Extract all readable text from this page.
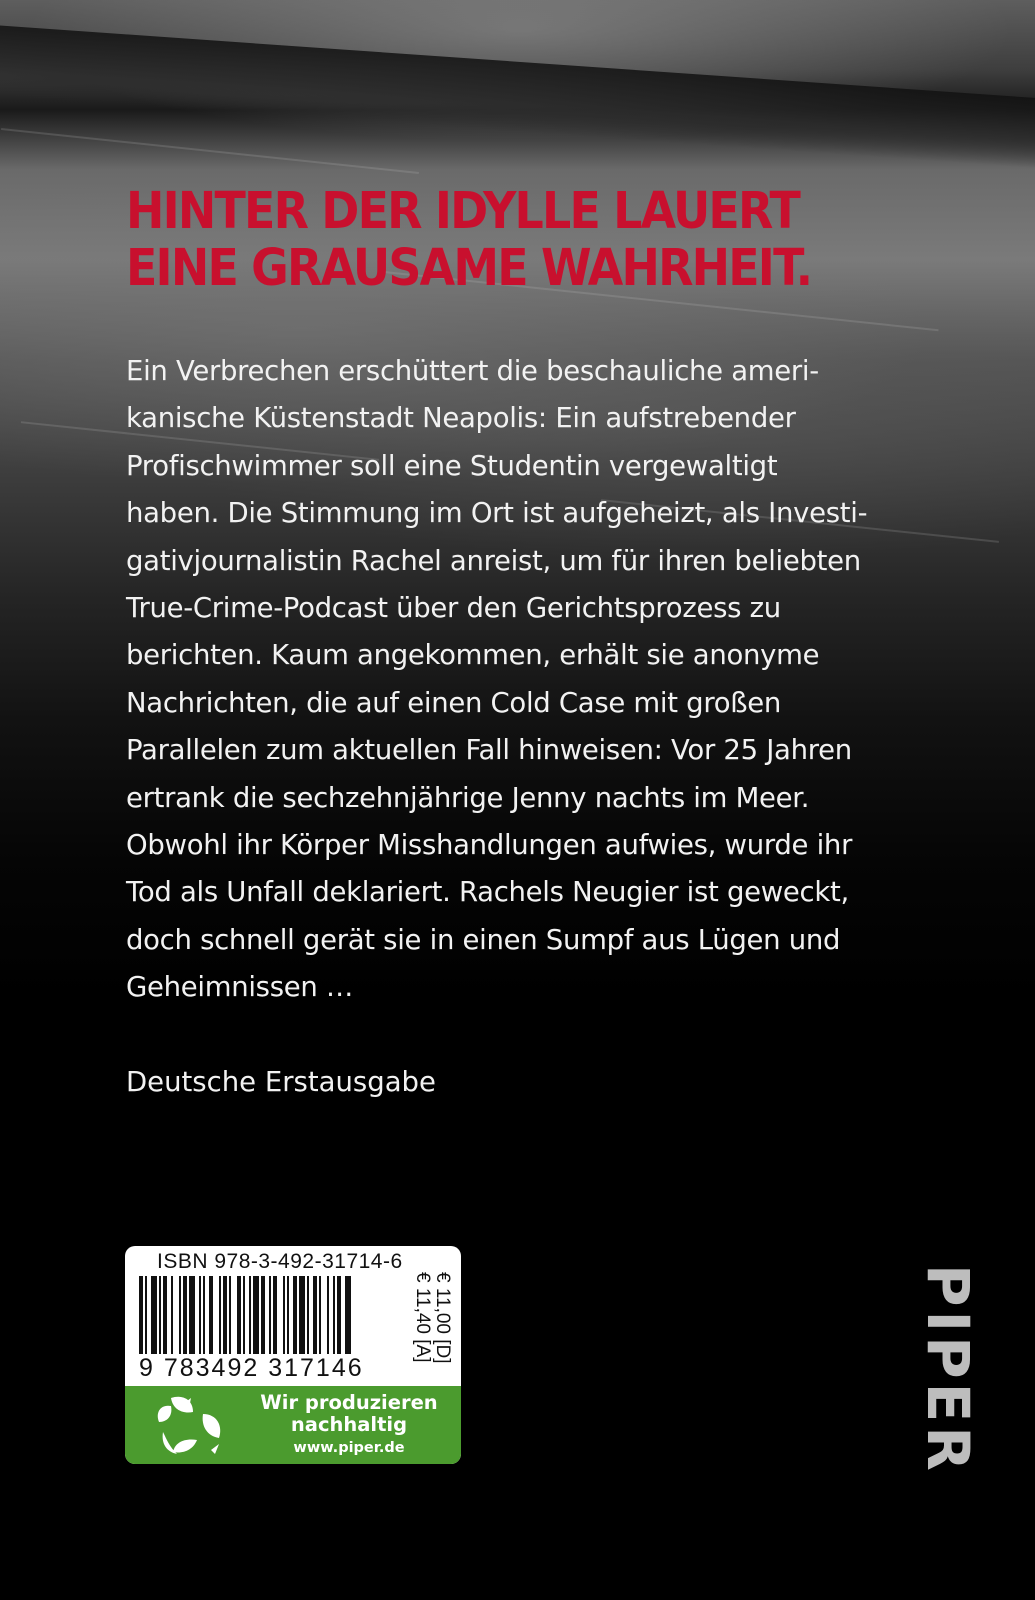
HINTER DER IDYLLE LAUERT
EINE GRAUSAME WAHRHEIT.
Ein Verbrechen erschüttert die beschauliche ameri-
kanische Küstenstadt Neapolis: Ein aufstrebender
Profischwimmer soll eine Studentin vergewaltigt
haben. Die Stimmung im Ort ist aufgeheizt, als Investi-
gativjournalistin Rachel anreist, um für ihren beliebten
True-Crime-Podcast über den Gerichtsprozess zu
berichten. Kaum angekommen, erhält sie anonyme
Nachrichten, die auf einen Cold Case mit großen
Parallelen zum aktuellen Fall hinweisen: Vor 25 Jahren
ertrank die sechzehnjährige Jenny nachts im Meer.
Obwohl ihr Körper Misshandlungen aufwies, wurde ihr
Tod als Unfall deklariert. Rachels Neugier ist geweckt,
doch schnell gerät sie in einen Sumpf aus Lügen und
Geheimnissen …

Deutsche Erstausgabe

ISBN 978-3-492-31714-6
9 783492 317146
€ 11,00 [D]
€ 11,40 [A]
Wir produzieren
nachhaltig
www.piper.de	PIPER
